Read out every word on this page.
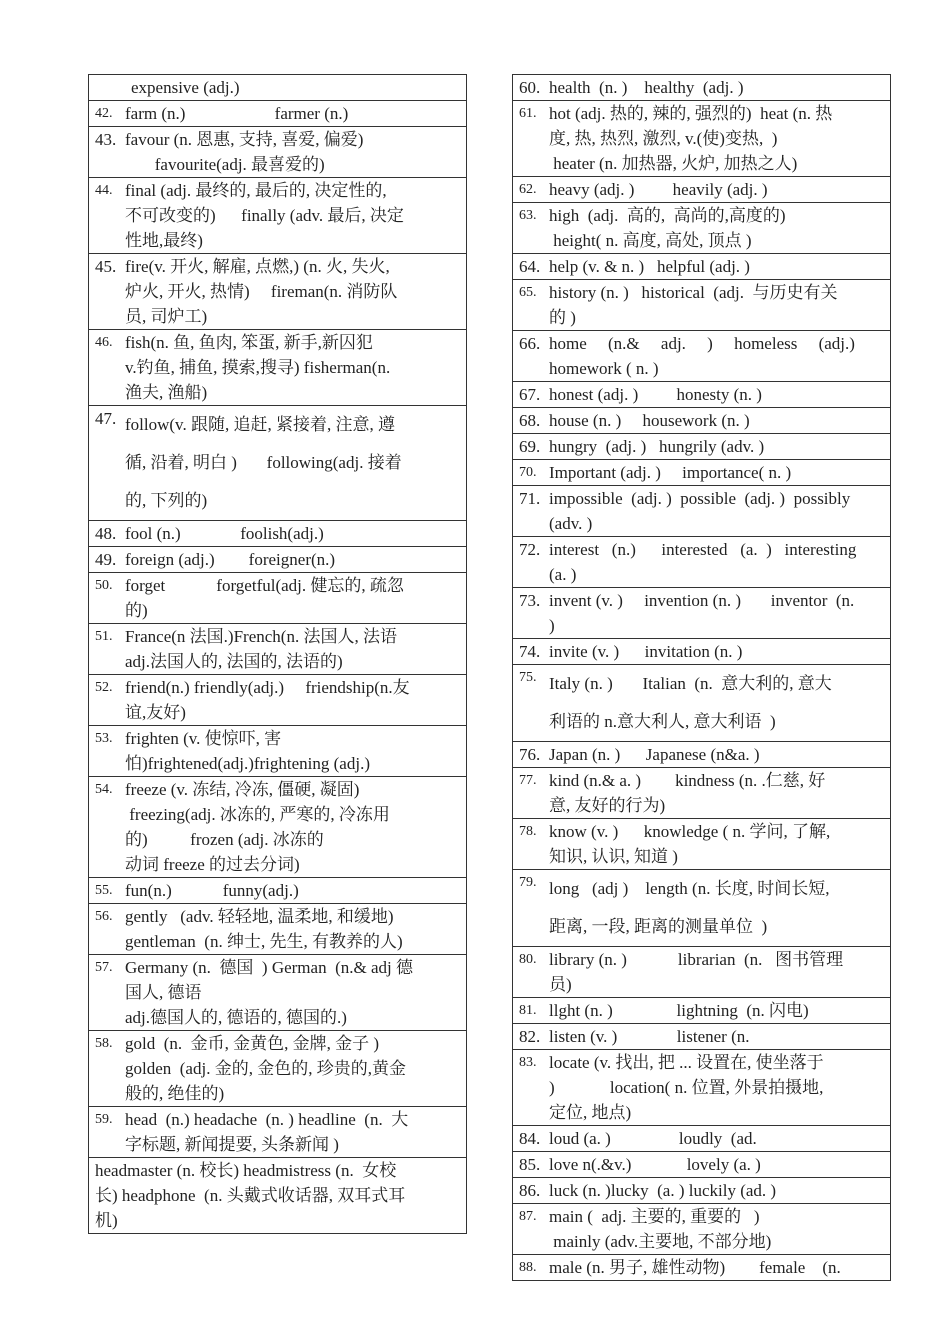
expensive (adj.)
42. farm (n.)                     farmer (n.)
43. favour (n. 恩惠, 支持, 喜爱, 偏爱)
favourite(adj. 最喜爱的)
44. final (adj. 最终的, 最后的, 决定性的,
不可改变的)      finally (adv. 最后, 决定
性地,最终)
45. fire(v. 开火, 解雇, 点燃,) (n. 火, 失火,
炉火, 开火, 热情)     fireman(n. 消防队
员, 司炉工)
46. fish(n. 鱼, 鱼肉, 笨蛋, 新手,新囚犯
v.钓鱼, 捕鱼, 摸索,搜寻) fisherman(n.
渔夫, 渔船)
47. follow(v. 跟随, 追赶, 紧接着, 注意, 遵
循, 沿着, 明白 )       following(adj. 接着
的, 下列的)
48. fool (n.)              foolish(adj.)
49. foreign (adj.)        foreigner(n.)
50. forget            forgetful(adj. 健忘的, 疏忽
的)
51. France(n 法国.)French(n. 法国人, 法语
adj.法国人的, 法国的, 法语的)
52. friend(n.) friendly(adj.)     friendship(n.友
谊,友好)
53. frighten (v. 使惊吓, 害
怕)frightened(adj.)frightening (adj.)
54. freeze (v. 冻结, 冷冻, 僵硬, 凝固)
freezing(adj. 冰冻的, 严寒的, 冷冻用
的)          frozen (adj. 冰冻的
动词 freeze 的过去分词)
55. fun(n.)            funny(adj.)
56. gently   (adv. 轻轻地, 温柔地, 和缓地)
gentleman  (n. 绅士, 先生, 有教养的人)
57. Germany (n.  德国  ) German  (n.& adj 德
国人, 德语
adj.德国人的, 德语的, 德国的.)
58. gold  (n.  金币, 金黄色, 金牌, 金子 )
golden  (adj. 金的, 金色的, 珍贵的,黄金
般的, 绝佳的)
59. head  (n.) headache  (n. ) headline  (n.  大
字标题, 新闻提要, 头条新闻 )
headmaster (n. 校长) headmistress (n.  女校
长) headphone  (n. 头戴式收话器, 双耳式耳
机)
60. health  (n. )    healthy  (adj. )
61. hot (adj. 热的, 辣的, 强烈的)  heat (n. 热
度, 热, 热烈, 激烈, v.(使)变热,  )
heater (n. 加热器, 火炉, 加热之人)
62. heavy (adj. )         heavily (adj. )
63. high  (adj.  高的,  高尚的,高度的)
height( n. 高度, 高处, 顶点 )
64. help (v. & n. )   helpful (adj. )
65. history (n. )   historical  (adj.  与历史有关
的 )
66. home     (n.&     adj.     )     homeless     (adj.)
homework ( n. )
67. honest (adj. )         honesty (n. )
68. house (n. )     housework (n. )
69. hungry  (adj. )   hungrily (adv. )
70. Important (adj. )     importance( n. )
71. impossible  (adj. )  possible  (adj. )  possibly
(adv. )
72. interest   (n.)      interested   (a.  )   interesting
(a. )
73. invent (v. )     invention (n. )       inventor  (n.
)
74. invite (v. )      invitation (n. )
75. Italy (n. )       Italian  (n.  意大利的, 意大
利语的 n.意大利人, 意大利语  )
76. Japan (n. )      Japanese (n&a. )
77. kind (n.& a. )        kindness (n. .仁慈, 好
意, 友好的行为)
78. know (v. )      knowledge ( n. 学问, 了解,
知识, 认识, 知道 )
79. long   (adj )    length (n. 长度, 时间长短,
距离, 一段, 距离的测量单位  )
80. library (n. )            librarian  (n.   图书管理
员)
81. llght (n. )               lightning  (n. 闪电)
82. listen (v. )              listener (n.
83. locate (v. 找出, 把 ... 设置在, 使坐落于
)             location( n. 位置, 外景拍摄地,
定位, 地点)
84. loud (a. )                loudly  (ad.
85. love n(.&v.)             lovely (a. )
86. luck (n. )lucky  (a. ) luckily (ad. )
87. main (  adj. 主要的, 重要的   )
mainly (adv.主要地, 不部分地)
88. male (n. 男子, 雄性动物)        female    (n.
